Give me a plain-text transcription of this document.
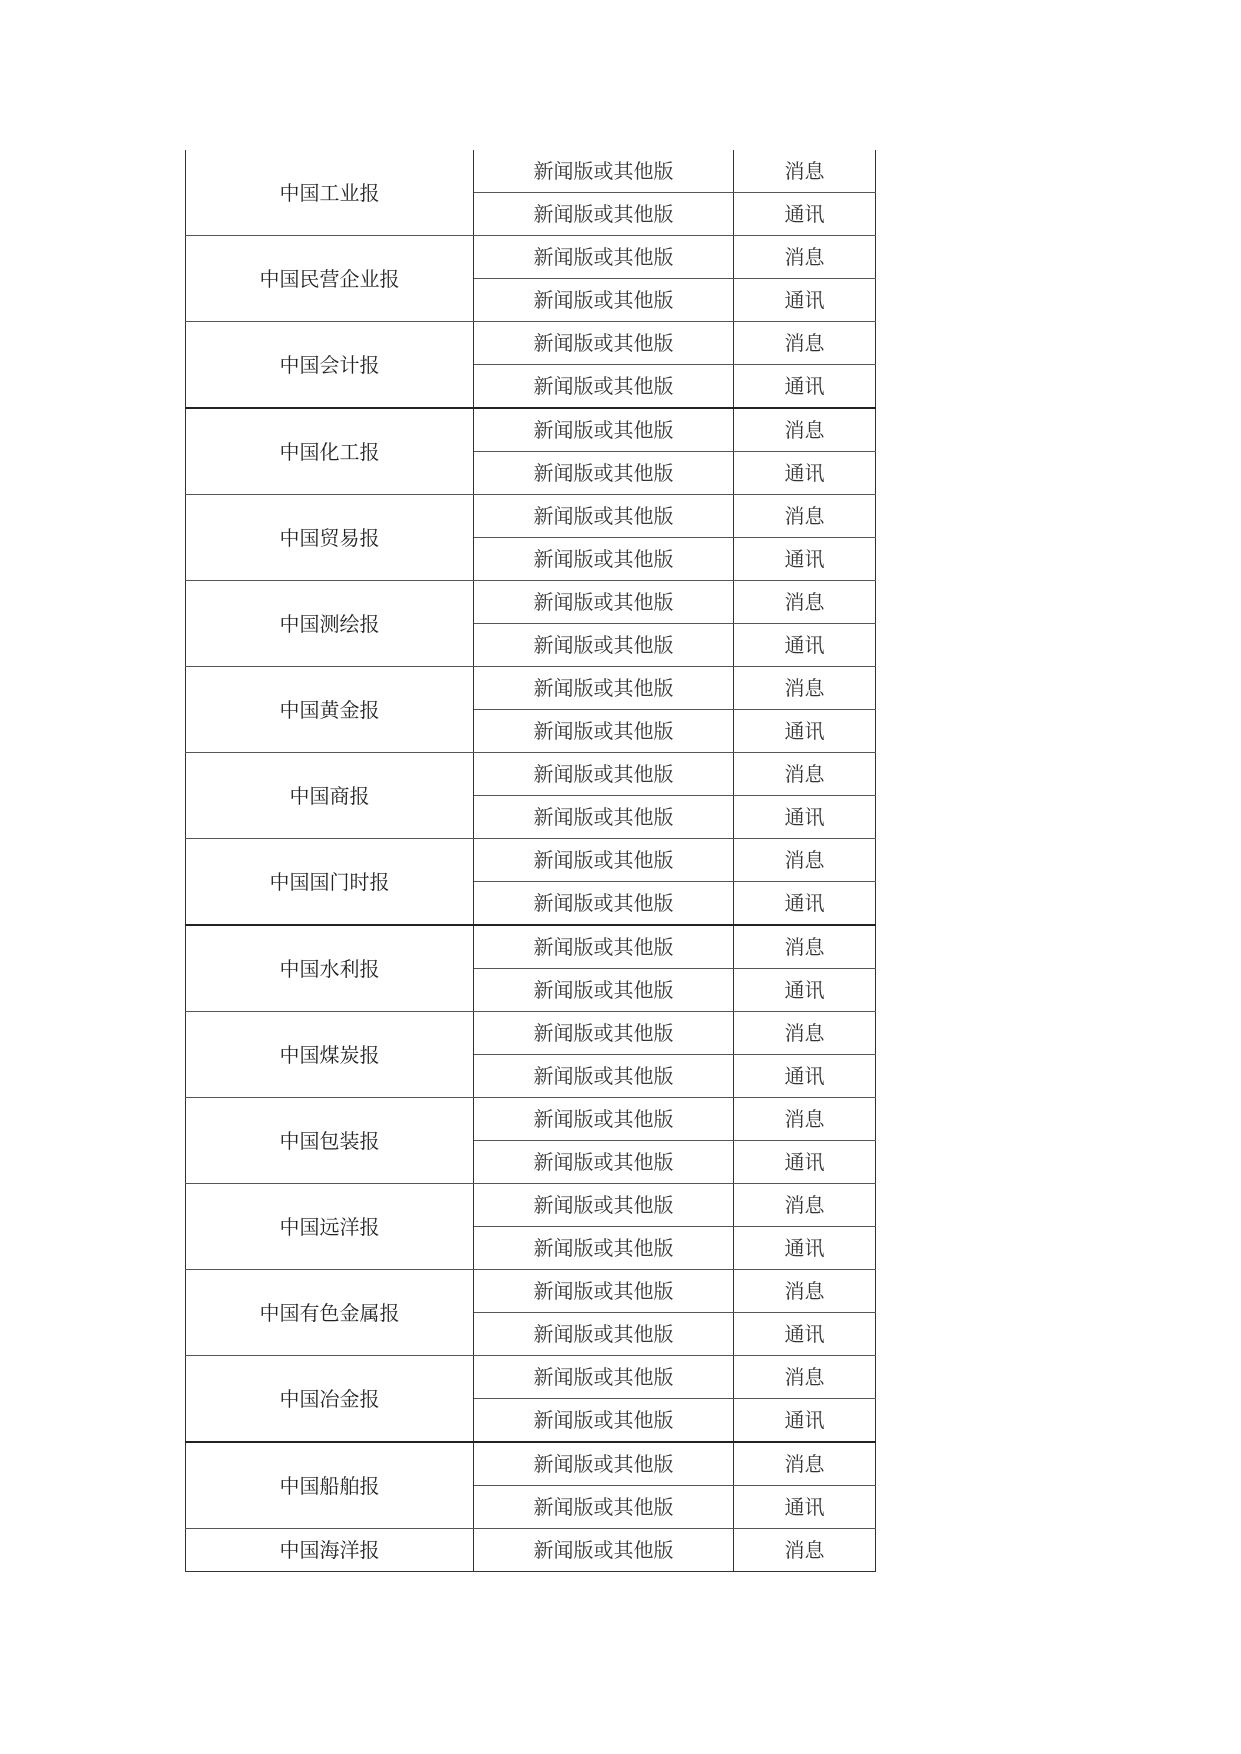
中国工业报	新闻版或其他版	消息
	新闻版或其他版	通讯
中国民营企业报	新闻版或其他版	消息
	新闻版或其他版	通讯
中国会计报	新闻版或其他版	消息
	新闻版或其他版	通讯
中国化工报	新闻版或其他版	消息
	新闻版或其他版	通讯
中国贸易报	新闻版或其他版	消息
	新闻版或其他版	通讯
中国测绘报	新闻版或其他版	消息
	新闻版或其他版	通讯
中国黄金报	新闻版或其他版	消息
	新闻版或其他版	通讯
中国商报	新闻版或其他版	消息
	新闻版或其他版	通讯
中国国门时报	新闻版或其他版	消息
	新闻版或其他版	通讯
中国水利报	新闻版或其他版	消息
	新闻版或其他版	通讯
中国煤炭报	新闻版或其他版	消息
	新闻版或其他版	通讯
中国包装报	新闻版或其他版	消息
	新闻版或其他版	通讯
中国远洋报	新闻版或其他版	消息
	新闻版或其他版	通讯
中国有色金属报	新闻版或其他版	消息
	新闻版或其他版	通讯
中国冶金报	新闻版或其他版	消息
	新闻版或其他版	通讯
中国船舶报	新闻版或其他版	消息
	新闻版或其他版	通讯
中国海洋报	新闻版或其他版	消息
